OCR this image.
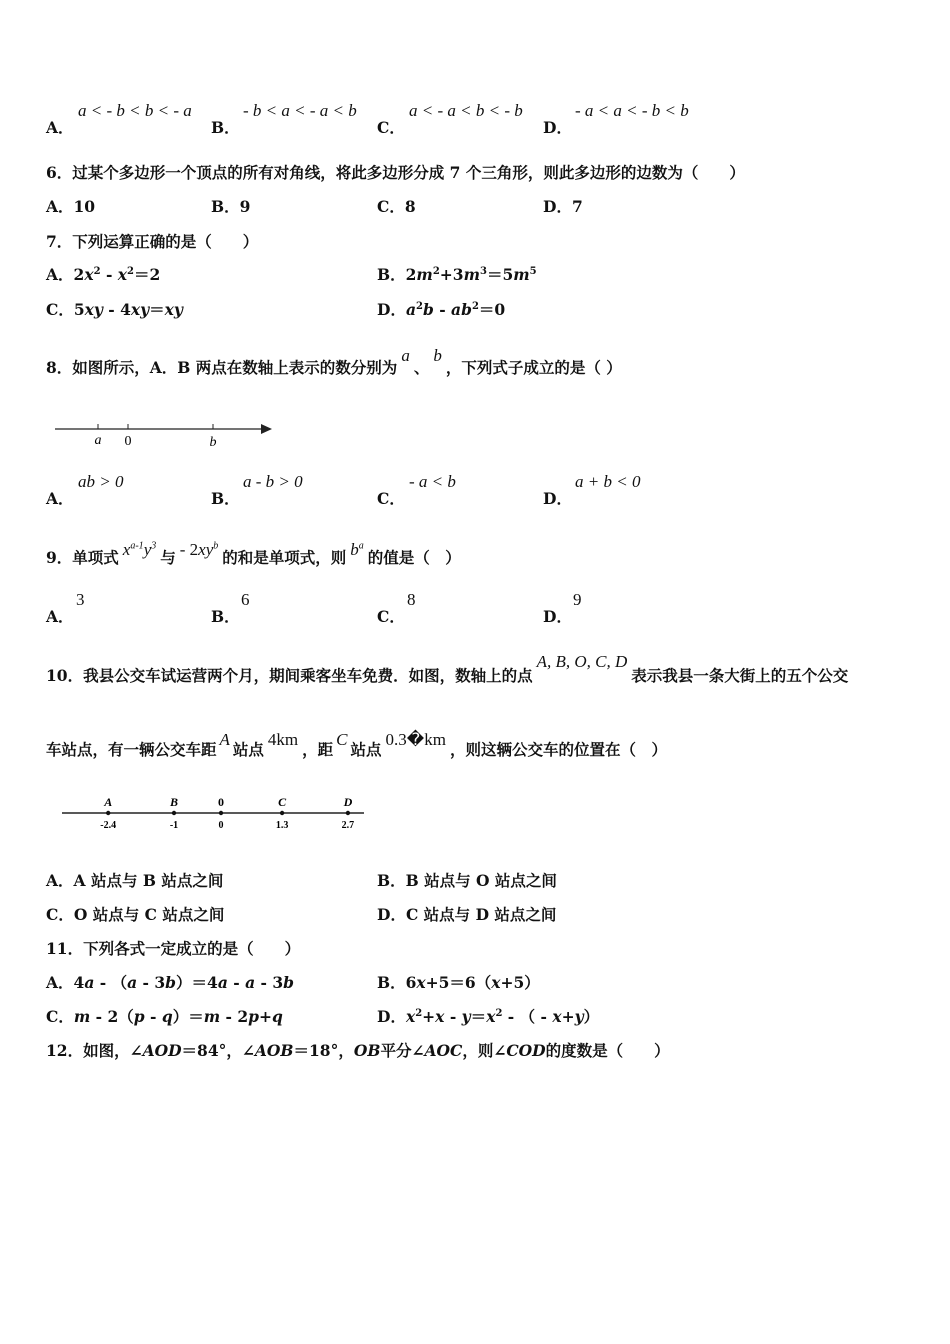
A．
a < - b < b < - a
B．
- b < a < - a < b
C．
a < - a < b < - b
D．
- a < a < - b < b
6．过某个多边形一个顶点的所有对角线，将此多边形分成 7 个三角形，则此多边形的边数为（　　）
A．10	B．9	C．8	D．7
7．下列运算正确的是（　　）
A．$2x^2 - x^2=2$	B．$2m^2+3m^3=5m^5$
C．5xy - 4xy＝xy	D．$a^2b - ab^2=0$
8．如图所示，A．B 两点在数轴上表示的数分别为a、b，下列式子成立的是（ ）
a 0	b
A．
ab > 0
B．
a - b > 0
C．
- a < b
D．
a + b < 0
9．单项式 $x^{a-1}y^3$与 - $2xy^b$的和是单项式，则 $b^a$的值是（　）
A．
3
B．
6
C．
8
D．
9
10．我县公交车试运营两个月，期间乘客坐车免费．如图，数轴上的点A, B, O, C, D表示我县一条大街上的五个公交
车站点，有一辆公交车距A站点4km，距C站点0.3�km，则这辆公交车的位置在（　）
A
-2.4
B
-1
0
0
C
1.3
D
2.7
A．A 站点与 B 站点之间	B．B 站点与 O 站点之间
C．O 站点与 C 站点之间	D．C 站点与 D 站点之间
11．下列各式一定成立的是（　　）
A．4a - （a - 3b）＝4a - a - 3b	B．6x+5＝6（x+5）
C．m - 2（p - q）＝m - 2p+q	D．$x^2+x - y=x^2$ - （ - x+y）
12．如图，∠AOD＝84°，∠AOB＝18°，OB平分∠AOC，则∠COD的度数是（　　）
